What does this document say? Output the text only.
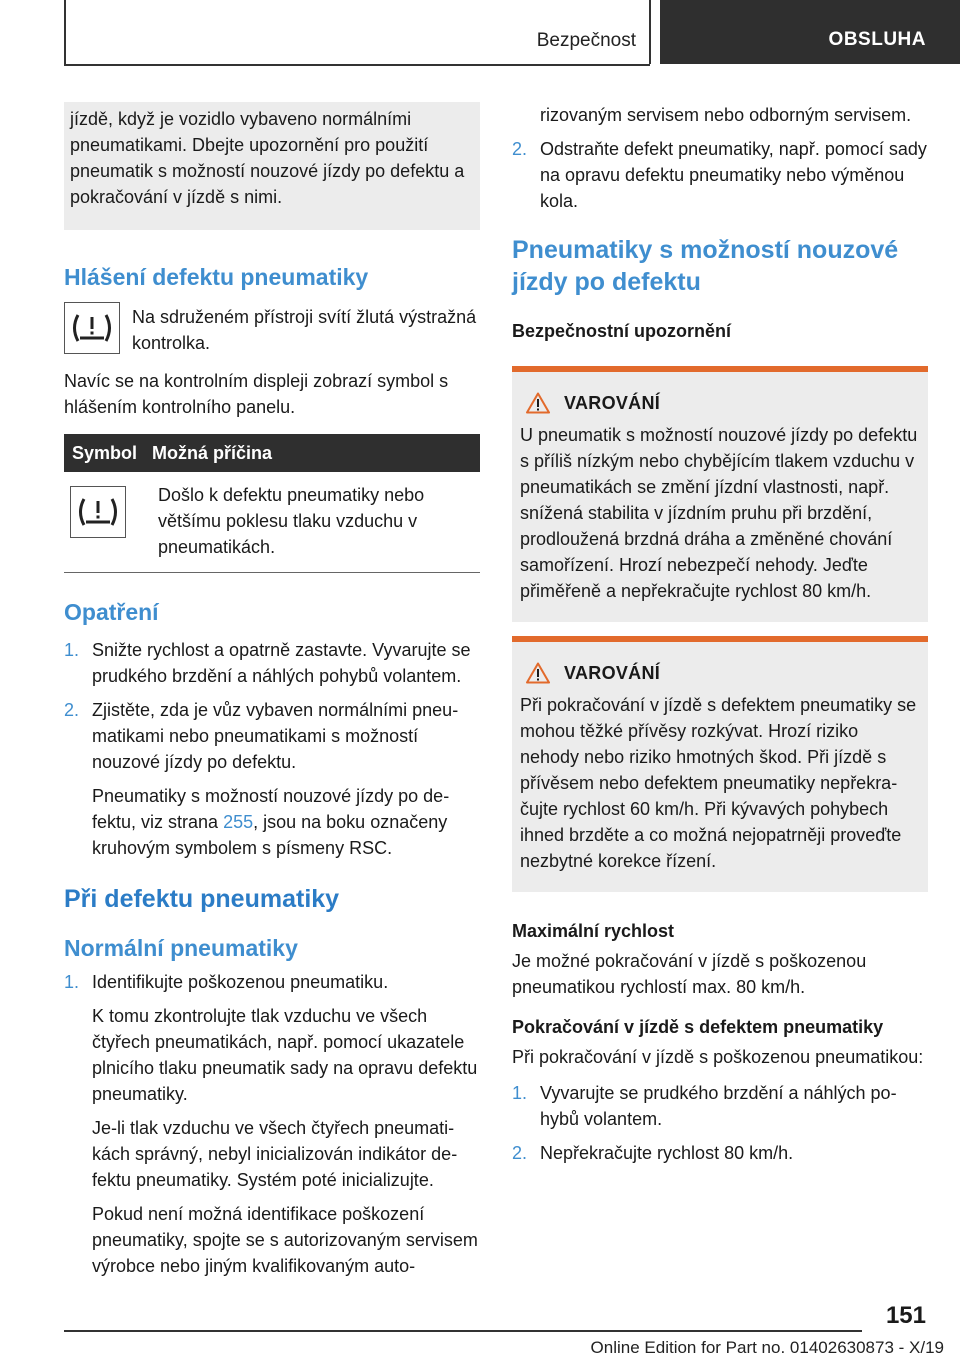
Bezpečnost	OBSLUHA
jízdě, když je vozidlo vybaveno normálními pneumatikami. Dbejte upozornění pro použití pneumatik s možností nouzové jízdy po defektu a pokračování v jízdě s nimi.
Hlášení defektu pneumatiky
Na sdruženém přístroji svítí žlutá výstražná kontrolka.
Navíc se na kontrolním displeji zobrazí symbol s hlášením kontrolního panelu.
Symbol Možná příčina
Došlo k defektu pneumatiky nebo většímu poklesu tlaku vzduchu v pneumatikách.
Opatření
1. Snižte rychlost a opatrně zastavte. Vyvarujte se prudkého brzdění a náhlých pohybů volantem.
2. Zjistěte, zda je vůz vybaven normálními pneumatikami nebo pneumatikami s možností nouzové jízdy po defektu.
Pneumatiky s možností nouzové jízdy po defektu, viz strana 255, jsou na boku označeny kruhovým symbolem s písmeny RSC.
Při defektu pneumatiky
Normální pneumatiky
1. Identifikujte poškozenou pneumatiku.
K tomu zkontrolujte tlak vzduchu ve všech čtyřech pneumatikách, např. pomocí ukazatele plnicího tlaku pneumatik sady na opravu defektu pneumatiky.
Je-li tlak vzduchu ve všech čtyřech pneumatikách správný, nebyl inicializován indikátor defektu pneumatiky. Systém poté inicializujte.
Pokud není možná identifikace poškození pneumatiky, spojte se s autorizovaným servisem výrobce nebo jiným kvalifikovaným auto-
rizovaným servisem nebo odborným servisem.
2. Odstraňte defekt pneumatiky, např. pomocí sady na opravu defektu pneumatiky nebo výměnou kola.
Pneumatiky s možností nouzové jízdy po defektu
Bezpečnostní upozornění
VAROVÁNÍ
U pneumatik s možností nouzové jízdy po defektu s příliš nízkým nebo chybějícím tlakem vzduchu v pneumatikách se změní jízdní vlastnosti, např. snížená stabilita v jízdním pruhu při brzdění, prodloužená brzdná dráha a změněné chování samořízení. Hrozí nebezpečí nehody. Jeďte přiměřeně a nepřekračujte rychlost 80 km/h.
VAROVÁNÍ
Při pokračování v jízdě s defektem pneumatiky se mohou těžké přívěsy rozkývat. Hrozí riziko nehody nebo riziko hmotných škod. Při jízdě s přívěsem nebo defektem pneumatiky nepřekračujte rychlost 60 km/h. Při kývavých pohybech ihned brzděte a co možná nejopatrněji proveďte nezbytné korekce řízení.
Maximální rychlost
Je možné pokračování v jízdě s poškozenou pneumatikou rychlostí max. 80 km/h.
Pokračování v jízdě s defektem pneumatiky
Při pokračování v jízdě s poškozenou pneumatikou:
1. Vyvarujte se prudkého brzdění a náhlých pohybů volantem.
2. Nepřekračujte rychlost 80 km/h.
151
Online Edition for Part no. 01402630873 - X/19
